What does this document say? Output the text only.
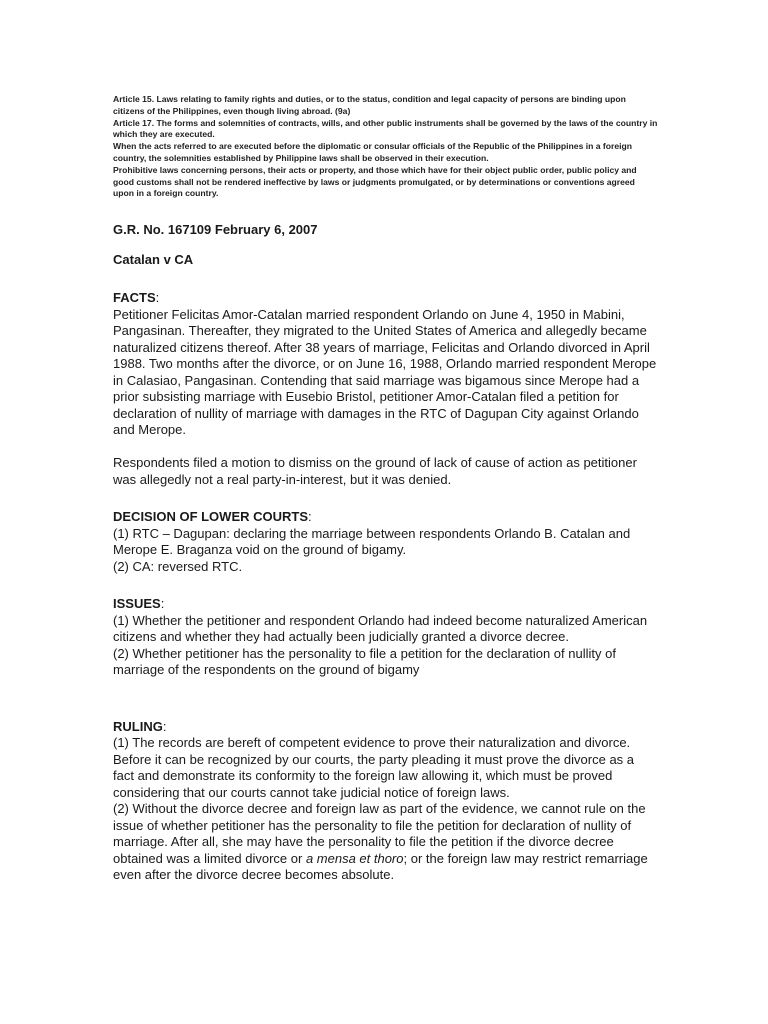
Article 15. Laws relating to family rights and duties, or to the status, condition and legal capacity of persons are binding upon citizens of the Philippines, even though living abroad. (9a)

Article 17. The forms and solemnities of contracts, wills, and other public instruments shall be governed by the laws of the country in which they are executed.

When the acts referred to are executed before the diplomatic or consular officials of the Republic of the Philippines in a foreign country, the solemnities established by Philippine laws shall be observed in their execution.

Prohibitive laws concerning persons, their acts or property, and those which have for their object public order, public policy and good customs shall not be rendered ineffective by laws or judgments promulgated, or by determinations or conventions agreed upon in a foreign country.

G.R. No. 167109 February 6, 2007

Catalan v CA

FACTS:

Petitioner Felicitas Amor-Catalan married respondent Orlando on June 4, 1950 in Mabini, Pangasinan. Thereafter, they migrated to the United States of America and allegedly became naturalized citizens thereof. After 38 years of marriage, Felicitas and Orlando divorced in April 1988. Two months after the divorce, or on June 16, 1988, Orlando married respondent Merope in Calasiao, Pangasinan. Contending that said marriage was bigamous since Merope had a prior subsisting marriage with Eusebio Bristol, petitioner Amor-Catalan filed a petition for declaration of nullity of marriage with damages in the RTC of Dagupan City against Orlando and Merope.

Respondents filed a motion to dismiss on the ground of lack of cause of action as petitioner was allegedly not a real party-in-interest, but it was denied.

DECISION OF LOWER COURTS:

(1) RTC – Dagupan: declaring the marriage between respondents Orlando B. Catalan and Merope E. Braganza void on the ground of bigamy.

(2) CA: reversed RTC.

ISSUES:

(1) Whether the petitioner and respondent Orlando had indeed become naturalized American citizens and whether they had actually been judicially granted a divorce decree.

(2) Whether petitioner has the personality to file a petition for the declaration of nullity of marriage of the respondents on the ground of bigamy

RULING:

(1) The records are bereft of competent evidence to prove their naturalization and divorce. Before it can be recognized by our courts, the party pleading it must prove the divorce as a fact and demonstrate its conformity to the foreign law allowing it, which must be proved considering that our courts cannot take judicial notice of foreign laws.

(2) Without the divorce decree and foreign law as part of the evidence, we cannot rule on the issue of whether petitioner has the personality to file the petition for declaration of nullity of marriage. After all, she may have the personality to file the petition if the divorce decree obtained was a limited divorce or a mensa et thoro; or the foreign law may restrict remarriage even after the divorce decree becomes absolute.
